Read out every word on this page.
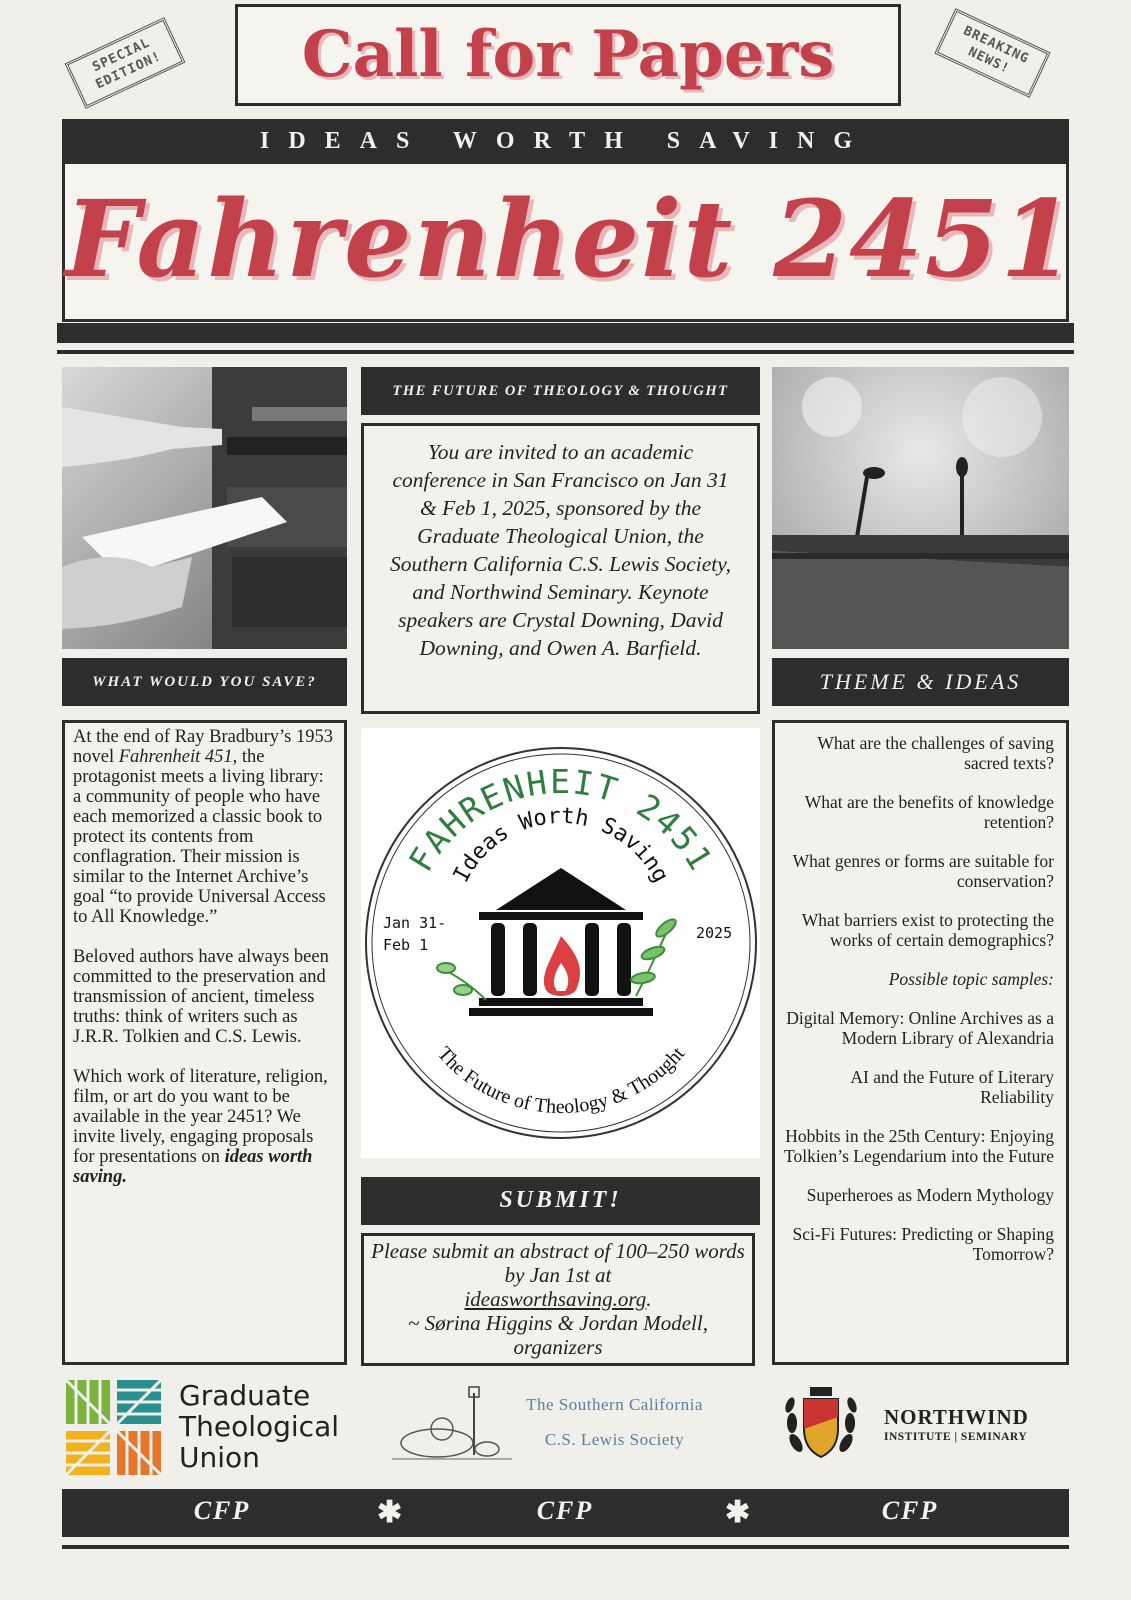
SPECIAL EDITION!
BREAKING NEWS!
Call for Papers
IDEAS WORTH SAVING
Fahrenheit 2451
THE FUTURE OF THEOLOGY & THOUGHT
You are invited to an academic conference in San Francisco on Jan 31 & Feb 1, 2025, sponsored by the Graduate Theological Union, the Southern California C.S. Lewis Society, and Northwind Seminary. Keynote speakers are Crystal Downing, David Downing, and Owen A. Barfield.
WHAT WOULD YOU SAVE?	THEME & IDEAS

At the end of Ray Bradbury’s 1953 novel Fahrenheit 451, the protagonist meets a living library: a community of people who have each memorized a classic book to protect its contents from conflagration. Their mission is similar to the Internet Archive’s goal “to provide Universal Access to All Knowledge.”

Beloved authors have always been committed to the preservation and transmission of ancient, timeless truths: think of writers such as J.R.R. Tolkien and C.S. Lewis.

Which work of literature, religion, film, or art do you want to be available in the year 2451? We invite lively, engaging proposals for presentations on ideas worth saving.

What are the challenges of saving sacred texts?

What are the benefits of knowledge retention?

What genres or forms are suitable for conservation?

What barriers exist to protecting the works of certain demographics?

Possible topic samples:

Digital Memory: Online Archives as a Modern Library of Alexandria

AI and the Future of Literary Reliability

Hobbits in the 25th Century: Enjoying Tolkien’s Legendarium into the Future

Superheroes as Modern Mythology

Sci-Fi Futures: Predicting or Shaping Tomorrow?

FAHRENHEIT 2451
Ideas Worth Saving
Jan 31-
Feb 1
2025
The Future of Theology & Thought
SUBMIT!
Please submit an abstract of 100–250 words by Jan 1st at
ideasworthsaving.org.
~ Sørina Higgins & Jordan Modell, organizers
Graduate
Theological
Union
The Southern California
C.S. Lewis Society
NORTHWIND
INSTITUTE | SEMINARY
CFP	✱	CFP	✱	CFP
